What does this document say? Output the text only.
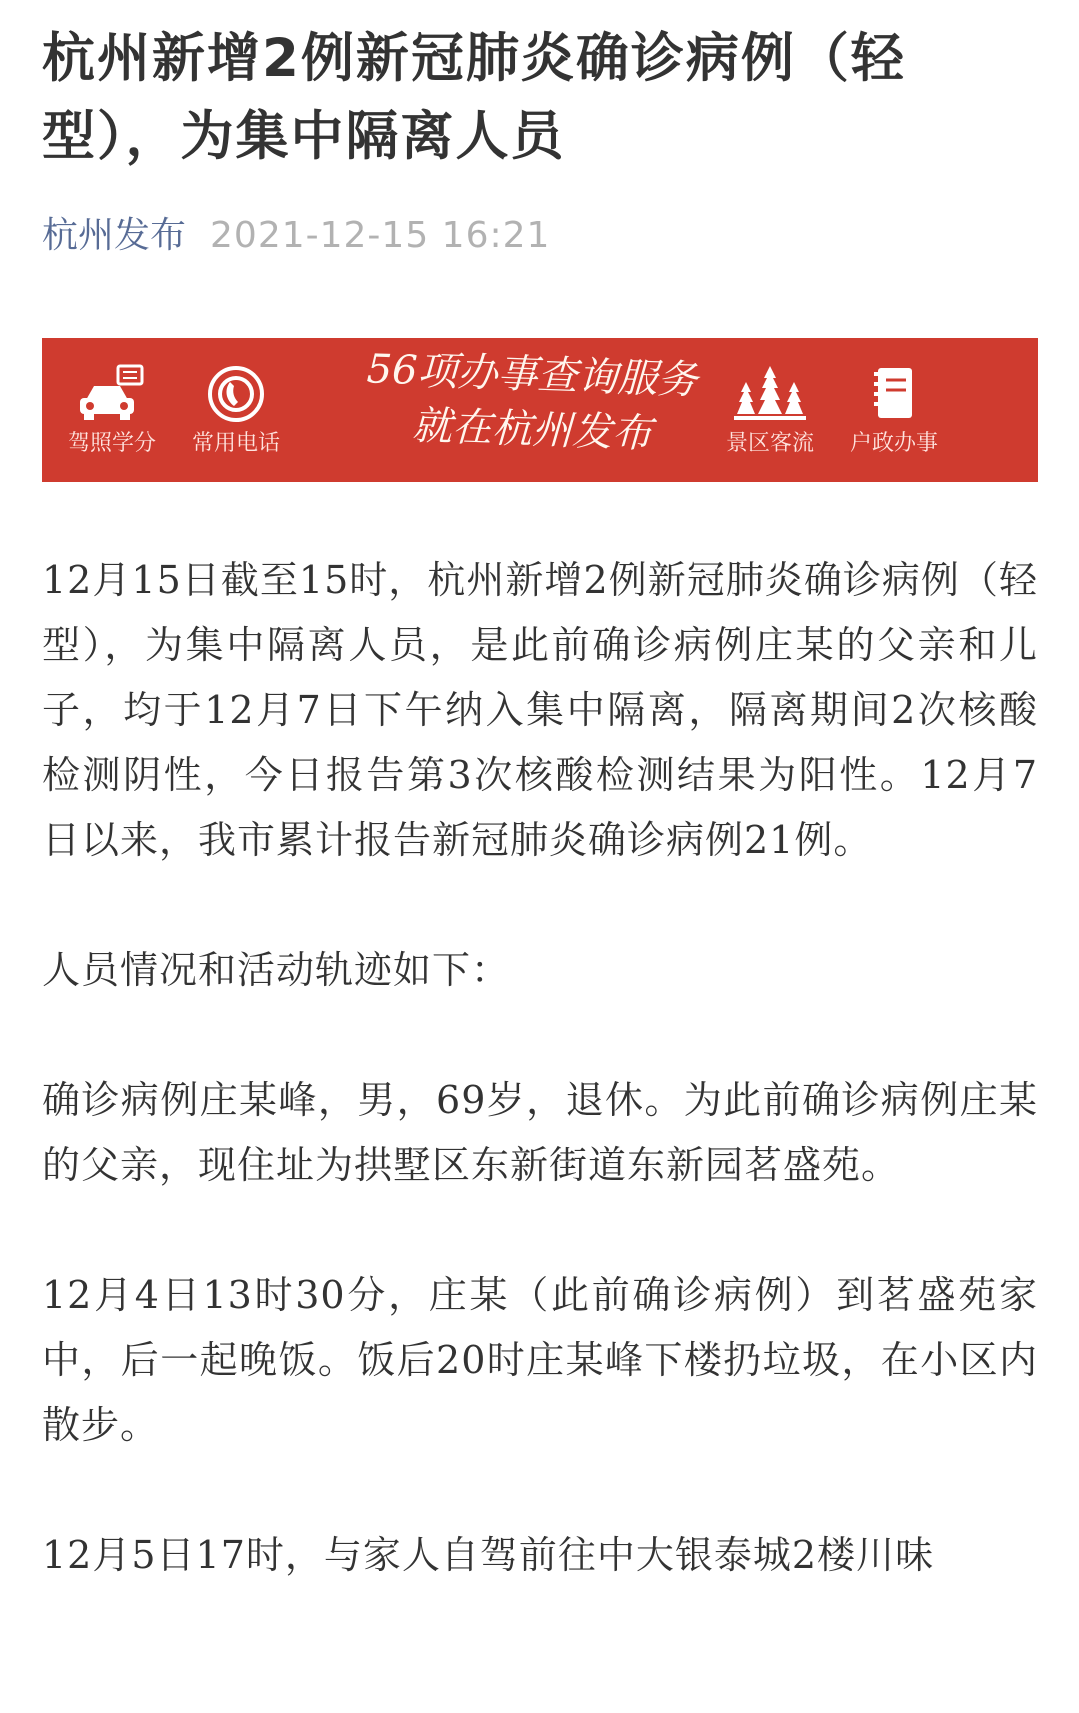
杭州新增2例新冠肺炎确诊病例（轻型），为集中隔离人员
杭州发布 2021-12-15 16:21
驾照学分	常用电话
56项办事查询服务
就在杭州发布	景区客流	户政办事

12月15日截至15时，杭州新增2例新冠肺炎确诊病例（轻型），为集中隔离人员，是此前确诊病例庄某的父亲和儿子，均于12月7日下午纳入集中隔离，隔离期间2次核酸检测阴性，今日报告第3次核酸检测结果为阳性。12月7日以来，我市累计报告新冠肺炎确诊病例21例。

人员情况和活动轨迹如下：

确诊病例庄某峰，男，69岁，退休。为此前确诊病例庄某的父亲，现住址为拱墅区东新街道东新园茗盛苑。

12月4日13时30分，庄某（此前确诊病例）到茗盛苑家中，后一起晚饭。饭后20时庄某峰下楼扔垃圾，在小区内散步。

12月5日17时，与家人自驾前往中大银泰城2楼川味
